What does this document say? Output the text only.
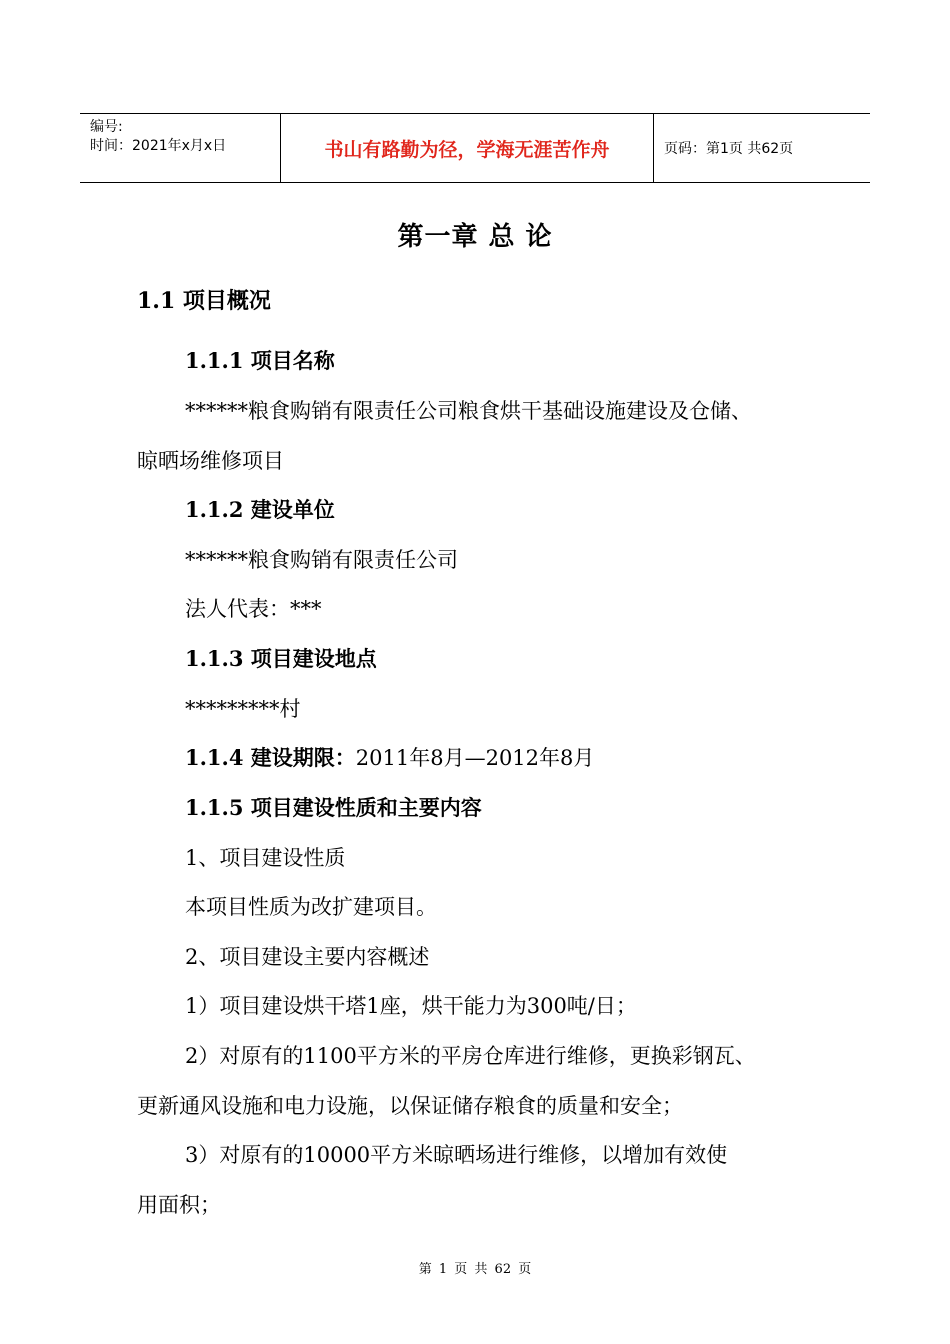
编号:
时间：2021年x月x日	书山有路勤为径，学海无涯苦作舟	页码：第1页 共62页
第一章 总 论
1.1 项目概况
1.1.1 项目名称
******粮食购销有限责任公司粮食烘干基础设施建设及仓储、
晾晒场维修项目
1.1.2 建设单位
******粮食购销有限责任公司
法人代表：***
1.1.3 项目建设地点
*********村
1.1.4 建设期限：2011年8月—2012年8月
1.1.5 项目建设性质和主要内容
1、项目建设性质
本项目性质为改扩建项目。
2、项目建设主要内容概述
1）项目建设烘干塔1座，烘干能力为300吨/日；
2）对原有的1100平方米的平房仓库进行维修，更换彩钢瓦、
更新通风设施和电力设施，以保证储存粮食的质量和安全；
3）对原有的10000平方米晾晒场进行维修，以增加有效使
用面积；
第 1 页 共 62 页
